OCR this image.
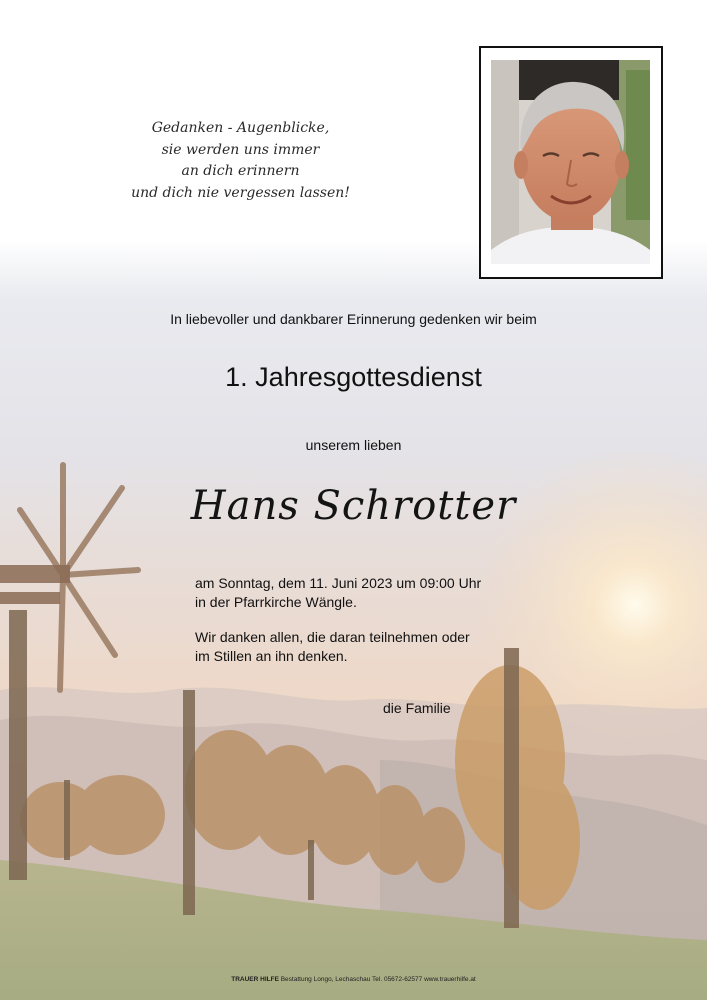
Gedanken - Augenblicke,
sie werden uns immer
an dich erinnern
und dich nie vergessen lassen!
In liebevoller und dankbarer Erinnerung gedenken wir beim
1. Jahresgottesdienst
unserem lieben
Hans Schrotter
am Sonntag, dem 11. Juni 2023 um 09:00 Uhr
in der Pfarrkirche Wängle.
Wir danken allen, die daran teilnehmen oder
im Stillen an ihn denken.
die Familie
TRAUER HILFE Bestattung Longo, Lechaschau Tel. 05672-62577 www.trauerhilfe.at
